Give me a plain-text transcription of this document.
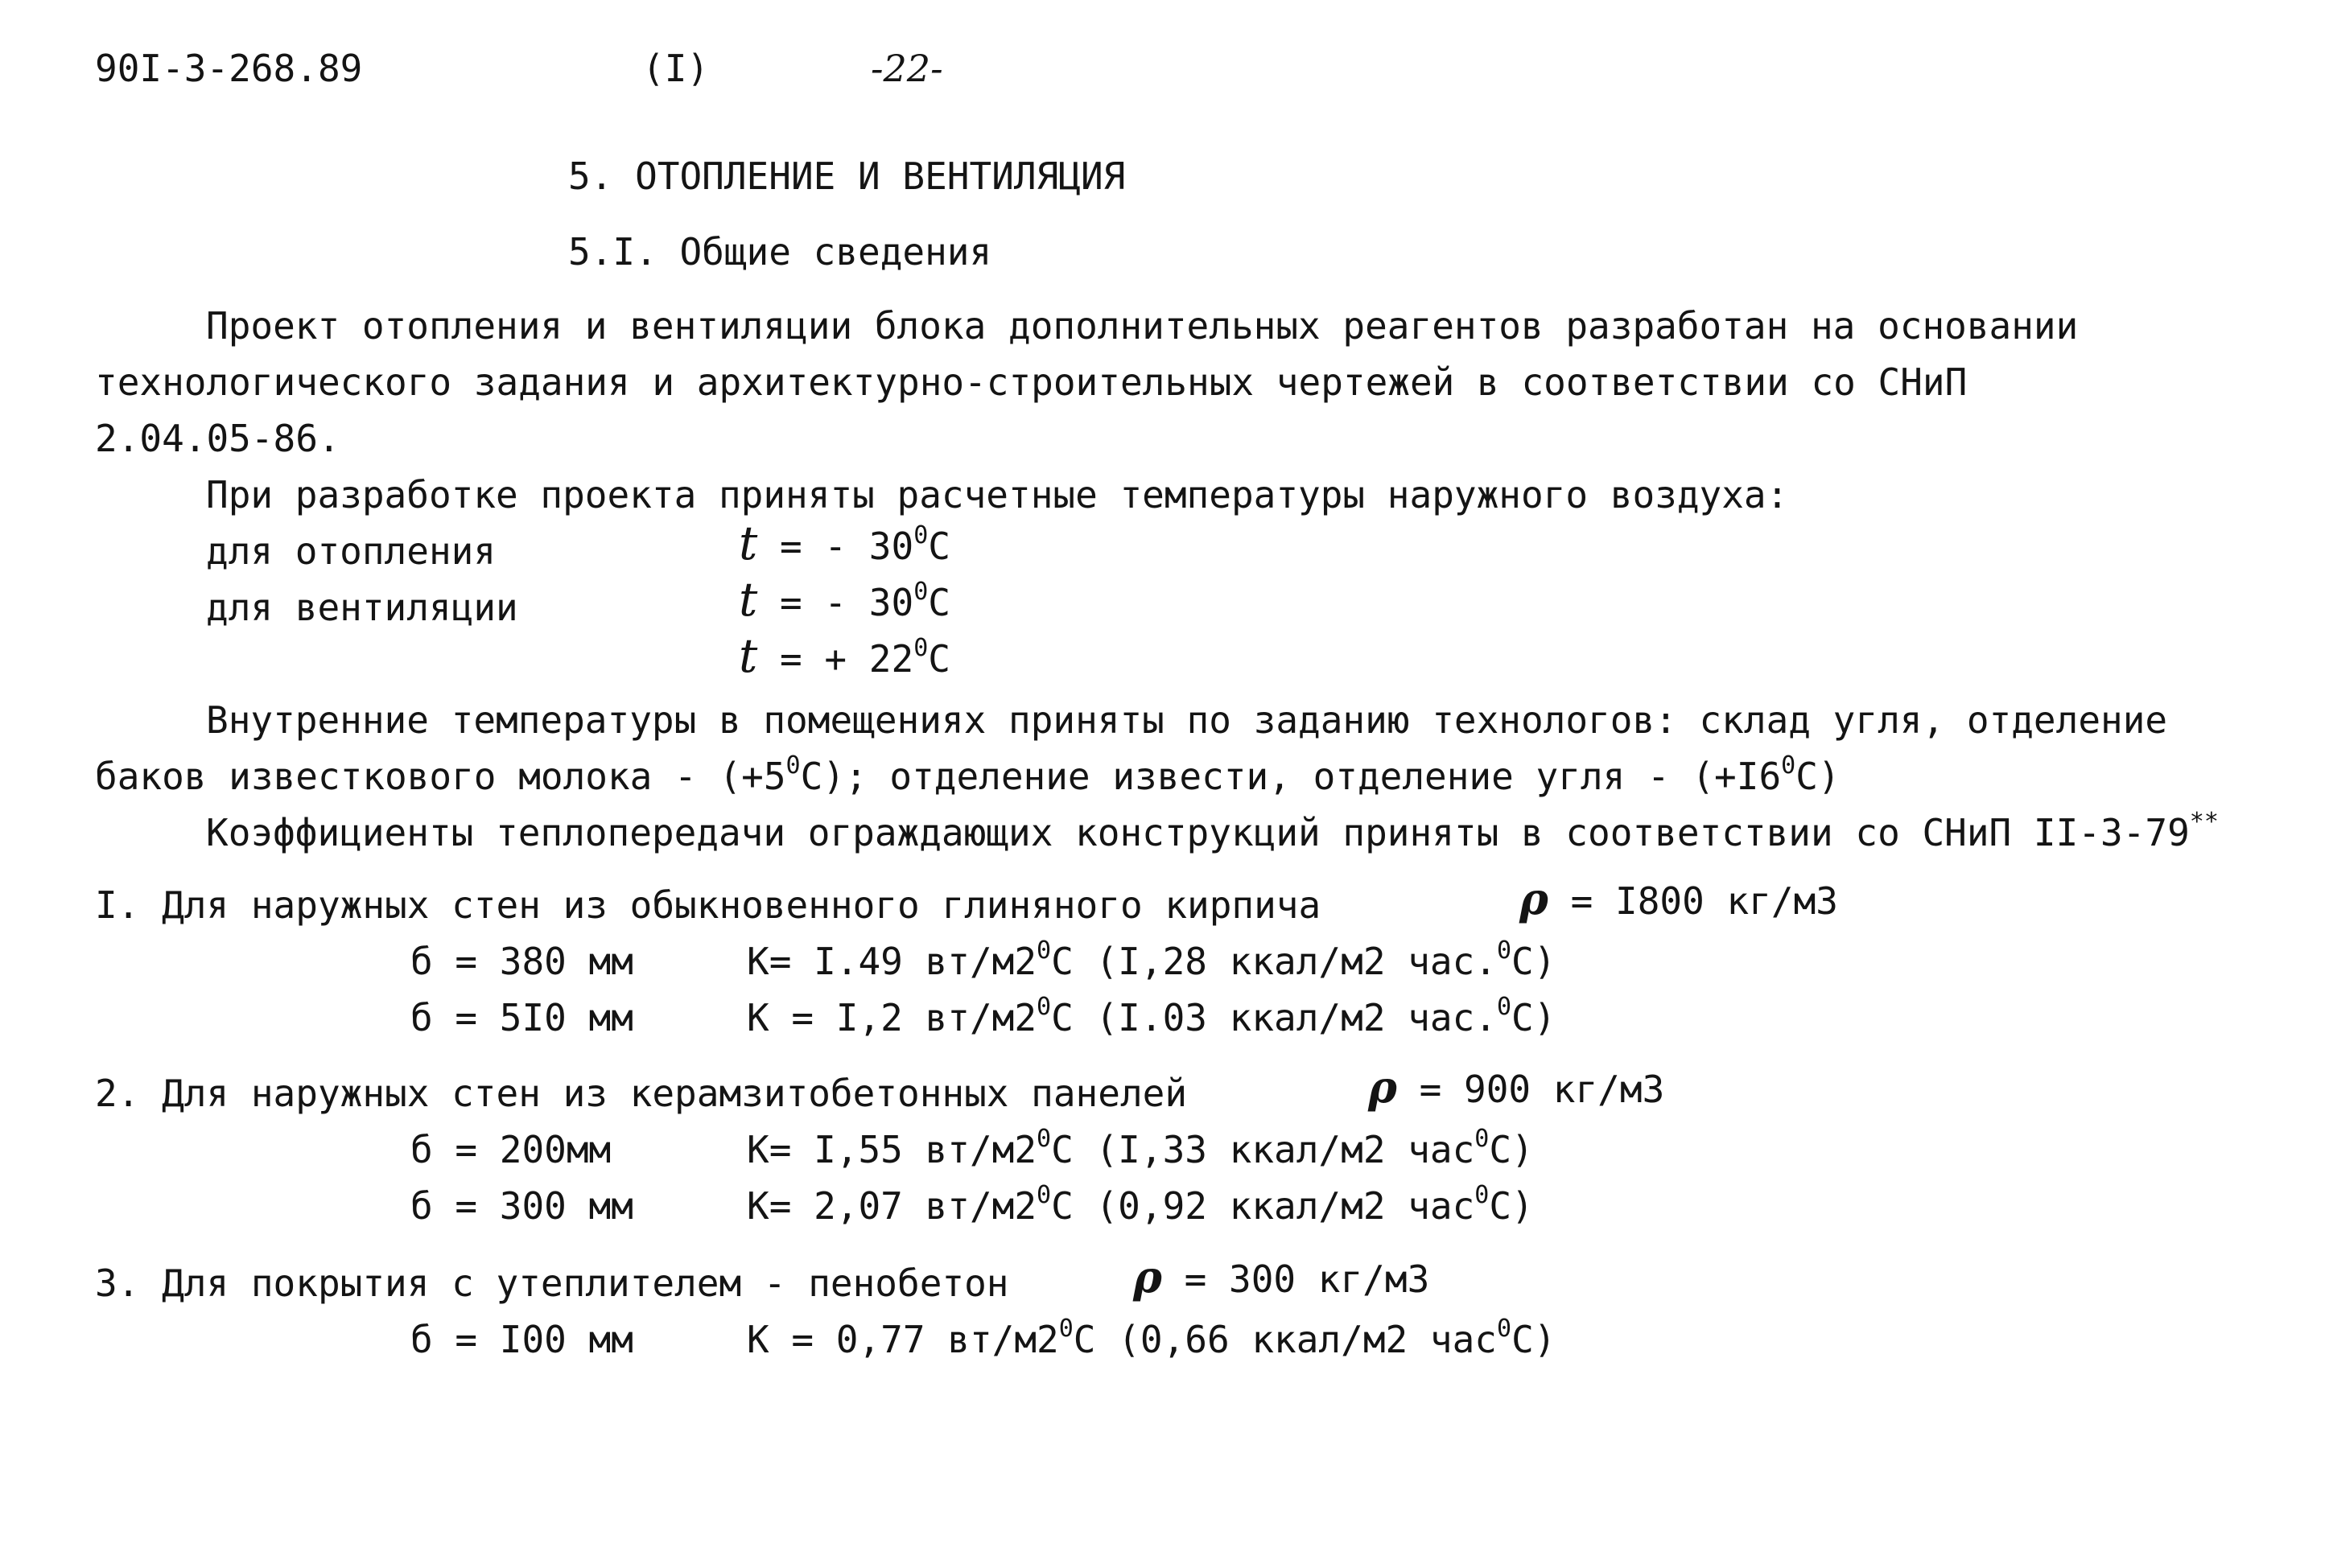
90I-3-268.89	(I)	-22-
5. ОТОПЛЕНИЕ И ВЕНТИЛЯЦИЯ
5.I. Общие сведения
Проект отопления и вентиляции блока дополнительных реагентов разработан на основании
технологического задания и архитектурно-строительных чертежей в соответствии со СНиП
2.04.05-86.
При разработке проекта приняты расчетные температуры наружного воздуха:
для отопления	t = - $30^0C$
для вентиляции	t = - $30^0C$
t = + $22^0C$
Внутренние температуры в помещениях приняты по заданию технологов: склад угля, отделение
баков известкового молока - $(+5^0С)$; отделение извести, отделение угля - $(+I6^0С)$
Коэффициенты теплопередачи ограждающих конструкций приняты в соответствии со СНиП II-3-79**
I. Для наружных стен из обыкновенного глиняного кирпича	ρ = I800 кг/м3
б = 380 мм	К= I.49 $вт/м2^0С$ (I,28 ккал/м2 час.$^0$С)
б = 5I0 мм	К = I,2 $вт/м2^0С$ (I.03 ккал/м2 час.$^0$С)
2. Для наружных стен из керамзитобетонных панелей	ρ = 900 кг/м3
б = 200мм	К= I,55 $вт/м2^0С$ (I,33 ккал/м2 час$^0$С)
б = 300 мм	К= 2,07 $вт/м2^0С$ (0,92 ккал/м2 час$^0$С)
3. Для покрытия с утеплителем - пенобетон	ρ = 300 кг/м3
б = I00 мм	К = 0,77 $вт/м2^0С$ (0,66 ккал/м2 час$^0$С)
